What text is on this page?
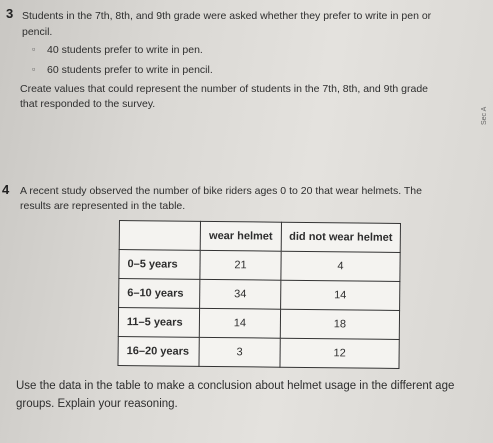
3 Students in the 7th, 8th, and 9th grade were asked whether they prefer to write in pen or
pencil.
▫ 40 students prefer to write in pen.
▫ 60 students prefer to write in pencil.
Create values that could represent the number of students in the 7th, 8th, and 9th grade
that responded to the survey.
Sec A
4 A recent study observed the number of bike riders ages 0 to 20 that wear helmets. The
results are represented in the table.
	wear helmet	did not wear helmet
0–5 years	21	4
6–10 years	34	14
11–5 years	14	18
16–20 years	3	12
Use the data in the table to make a conclusion about helmet usage in the different age
groups. Explain your reasoning.
